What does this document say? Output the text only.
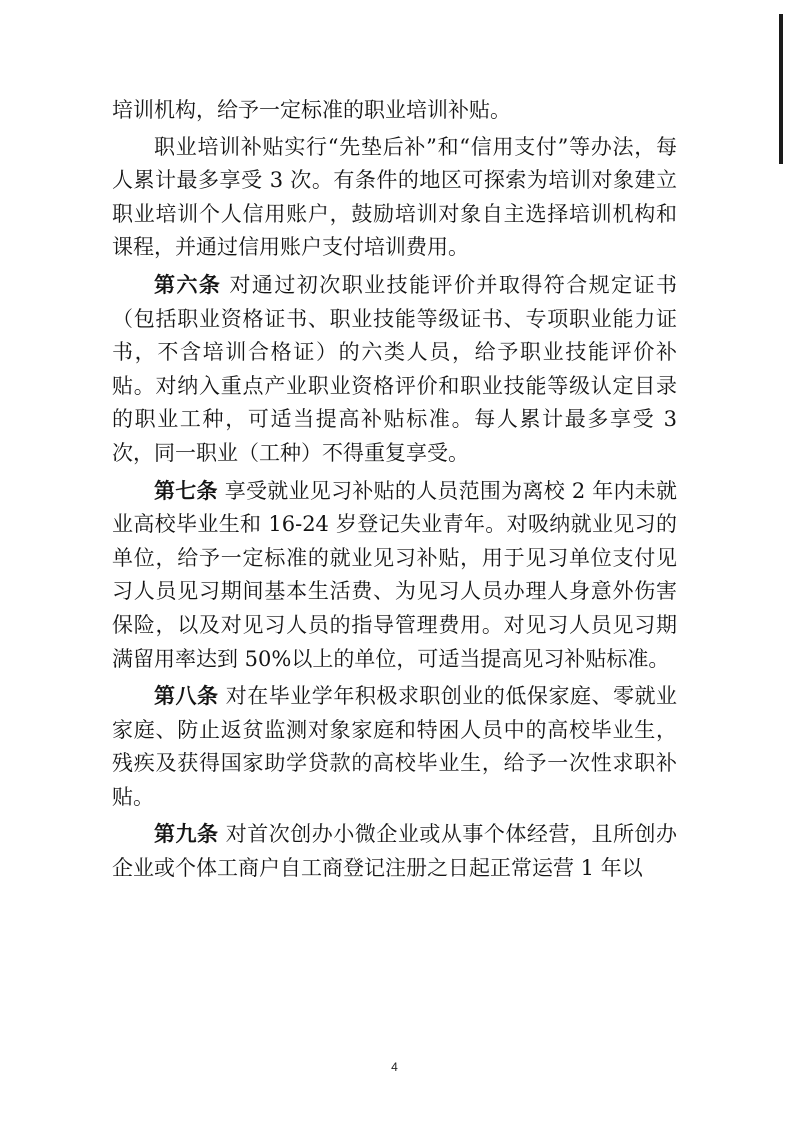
培训机构，给予一定标准的职业培训补贴。

职业培训补贴实行“先垫后补”和“信用支付”等办法，每人累计最多享受 3 次。有条件的地区可探索为培训对象建立职业培训个人信用账户，鼓励培训对象自主选择培训机构和课程，并通过信用账户支付培训费用。

第六条 对通过初次职业技能评价并取得符合规定证书（包括职业资格证书、职业技能等级证书、专项职业能力证书，不含培训合格证）的六类人员，给予职业技能评价补贴。对纳入重点产业职业资格评价和职业技能等级认定目录的职业工种，可适当提高补贴标准。每人累计最多享受 3 次，同一职业（工种）不得重复享受。

第七条 享受就业见习补贴的人员范围为离校 2 年内未就业高校毕业生和 16-24 岁登记失业青年。对吸纳就业见习的单位，给予一定标准的就业见习补贴，用于见习单位支付见习人员见习期间基本生活费、为见习人员办理人身意外伤害保险，以及对见习人员的指导管理费用。对见习人员见习期满留用率达到 50%以上的单位，可适当提高见习补贴标准。

第八条 对在毕业学年积极求职创业的低保家庭、零就业家庭、防止返贫监测对象家庭和特困人员中的高校毕业生，残疾及获得国家助学贷款的高校毕业生，给予一次性求职补贴。

第九条 对首次创办小微企业或从事个体经营，且所创办企业或个体工商户自工商登记注册之日起正常运营 1 年以

4
